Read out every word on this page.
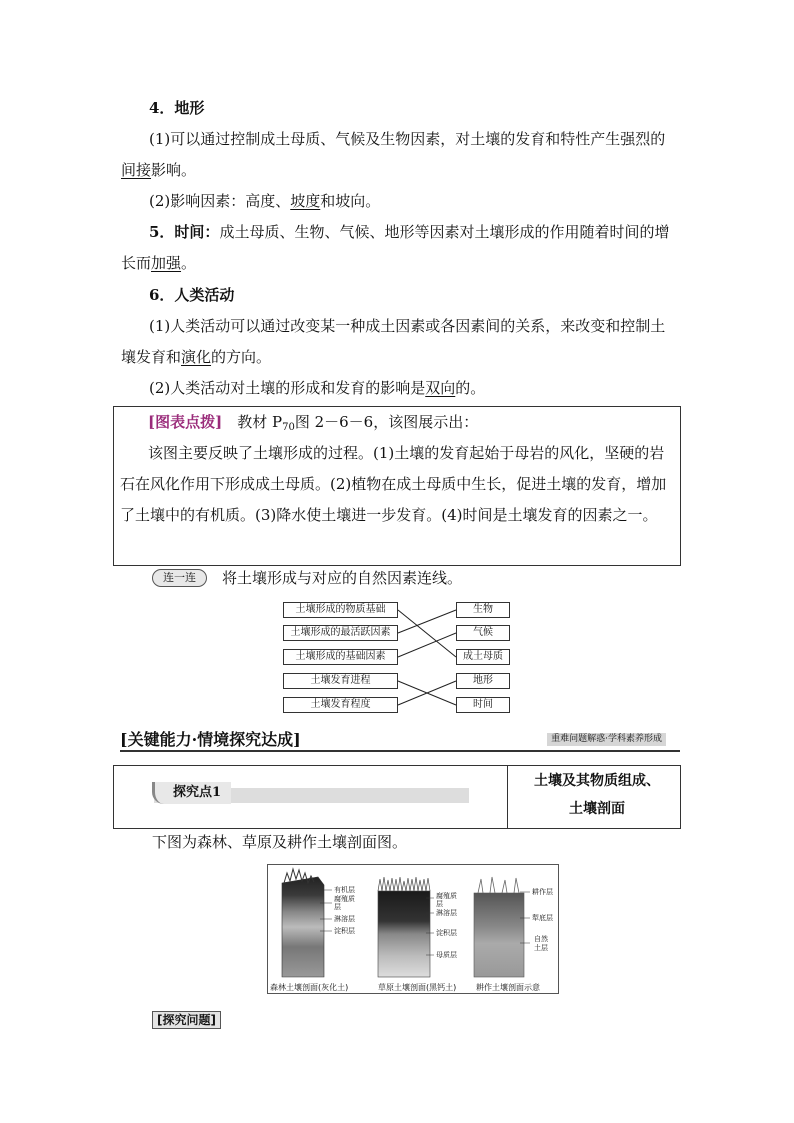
4．地形
(1)可以通过控制成土母质、气候及生物因素，对土壤的发育和特性产生强烈的间接影响。
(2)影响因素：高度、坡度和坡向。
5．时间：成土母质、生物、气候、地形等因素对土壤形成的作用随着时间的增长而加强。
6．人类活动
(1)人类活动可以通过改变某一种成土因素或各因素间的关系，来改变和控制土壤发育和演化的方向。
(2)人类活动对土壤的形成和发育的影响是双向的。
[图表点拨]　 教材 $P_{70}$图 2－6－6，该图展示出：
该图主要反映了土壤形成的过程。(1)土壤的发育起始于母岩的风化，坚硬的岩石在风化作用下形成成土母质。(2)植物在成土母质中生长，促进土壤的发育，增加了土壤中的有机质。(3)降水使土壤进一步发育。(4)时间是土壤发育的因素之一。
连一连　 将土壤形成与对应的自然因素连线。
土壤形成的物质基础
土壤形成的最活跃因素
土壤形成的基础因素
土壤发育进程
土壤发育程度
生物
气候
成土母质
地形
时间
[关键能力·情境探究达成]	重难问题解惑·学科素养形成
探究点1
土壤及其物质组成、
土壤剖面
下图为森林、草原及耕作土壤剖面图。
有机层
腐殖质
层
淋溶层
淀积层
腐殖质
层
淋溶层
淀积层
母质层
耕作层
犁底层
自然
土层
森林土壤剖面(灰化土)	草原土壤剖面(黑钙土) 耕作土壤剖面示意
[探究问题]
